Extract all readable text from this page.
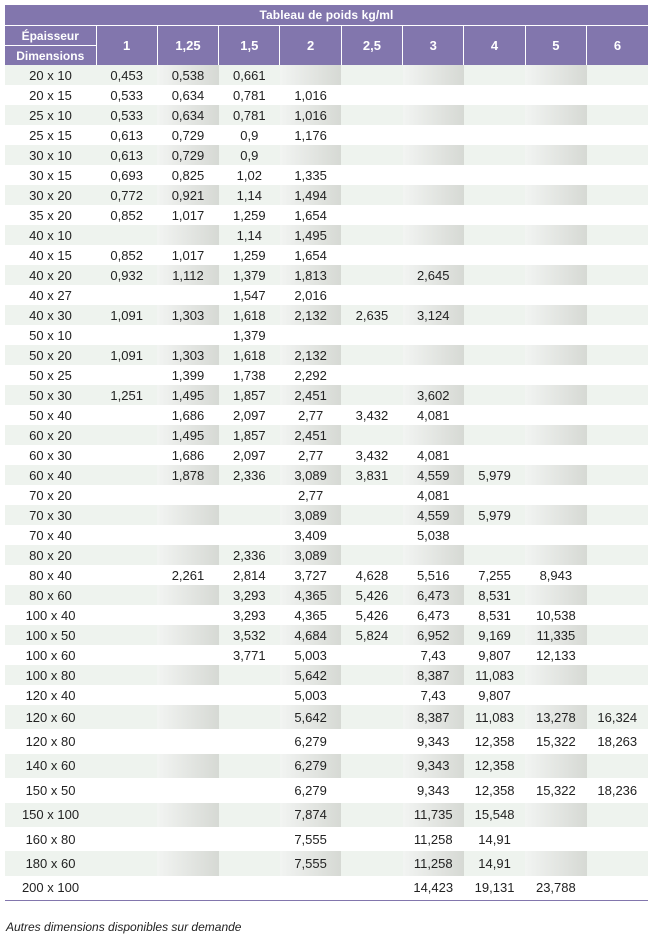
Tableau de poids kg/ml									
Épaisseur	1	1,25	1,5	2	2,5	3	4	5	6
Dimensions									
20 x 10	0,453	0,538	0,661						
20 x 15	0,533	0,634	0,781	1,016					
25 x 10	0,533	0,634	0,781	1,016					
25 x 15	0,613	0,729	0,9	1,176					
30 x 10	0,613	0,729	0,9						
30 x 15	0,693	0,825	1,02	1,335					
30 x 20	0,772	0,921	1,14	1,494					
35 x 20	0,852	1,017	1,259	1,654					
40 x 10			1,14	1,495					
40 x 15	0,852	1,017	1,259	1,654					
40 x 20	0,932	1,112	1,379	1,813		2,645			
40 x 27			1,547	2,016					
40 x 30	1,091	1,303	1,618	2,132	2,635	3,124			
50 x 10			1,379						
50 x 20	1,091	1,303	1,618	2,132					
50 x 25		1,399	1,738	2,292					
50 x 30	1,251	1,495	1,857	2,451		3,602			
50 x 40		1,686	2,097	2,77	3,432	4,081			
60 x 20		1,495	1,857	2,451					
60 x 30		1,686	2,097	2,77	3,432	4,081			
60 x 40		1,878	2,336	3,089	3,831	4,559	5,979		
70 x 20				2,77		4,081			
70 x 30				3,089		4,559	5,979		
70 x 40				3,409		5,038			
80 x 20			2,336	3,089					
80 x 40		2,261	2,814	3,727	4,628	5,516	7,255	8,943	
80 x 60			3,293	4,365	5,426	6,473	8,531		
100 x 40			3,293	4,365	5,426	6,473	8,531	10,538	
100 x 50			3,532	4,684	5,824	6,952	9,169	11,335	
100 x 60			3,771	5,003		7,43	9,807	12,133	
100 x 80				5,642		8,387	11,083		
120 x 40				5,003		7,43	9,807		
120 x 60				5,642		8,387	11,083	13,278	16,324
120 x 80				6,279		9,343	12,358	15,322	18,263
140 x 60				6,279		9,343	12,358		
150 x 50				6,279		9,343	12,358	15,322	18,236
150 x 100				7,874		11,735	15,548		
160 x 80				7,555		11,258	14,91		
180 x 60				7,555		11,258	14,91		
200 x 100						14,423	19,131	23,788	
Autres dimensions disponibles sur demande
